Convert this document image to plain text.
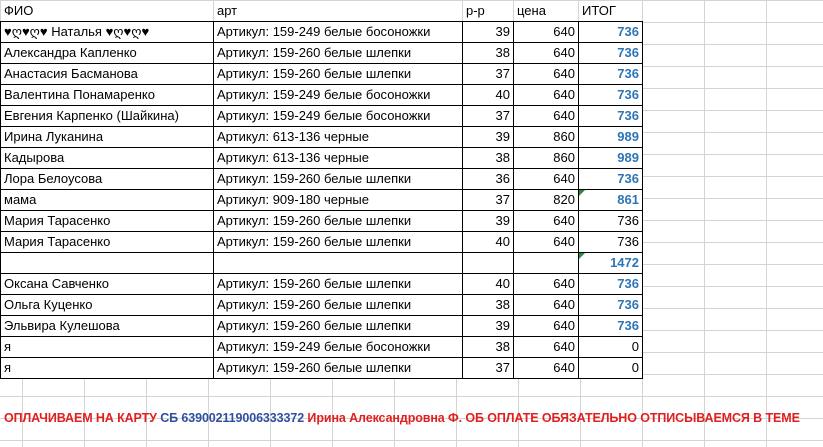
ФИО	арт	р-р	цена	ИТОГ
♥ღ♥ღ♥ Наталья ♥ღ♥ღ♥	Артикул: 159-249 белые босоножки	39	640	736
Александра Капленко	Артикул: 159-260 белые шлепки	38	640	736
Анастасия Басманова	Артикул: 159-260 белые шлепки	37	640	736
Валентина Понамаренко	Артикул: 159-249 белые босоножки	40	640	736
Евгения Карпенко (Шайкина)	Артикул: 159-249 белые босоножки	37	640	736
Ирина Луканина	Артикул: 613-136 черные	39	860	989
Кадырова	Артикул: 613-136 черные	38	860	989
Лора Белоусова	Артикул: 159-260 белые шлепки	36	640	736
мама	Артикул: 909-180 черные	37	820	861
Мария Тарасенко	Артикул: 159-260 белые шлепки	39	640	736
Мария Тарасенко	Артикул: 159-260 белые шлепки	40	640	736
				1472
Оксана Савченко	Артикул: 159-260 белые шлепки	40	640	736
Ольга Куценко	Артикул: 159-260 белые шлепки	38	640	736
Эльвира Кулешова	Артикул: 159-260 белые шлепки	39	640	736
я	Артикул: 159-249 белые босоножки	38	640	0
я	Артикул: 159-260 белые шлепки	37	640	0
ОПЛАЧИВАЕМ НА КАРТУ СБ 639002119006333372 Ирина Александровна Ф. ОБ ОПЛАТЕ ОБЯЗАТЕЛЬНО ОТПИСЫВАЕМСЯ В ТЕМЕ
